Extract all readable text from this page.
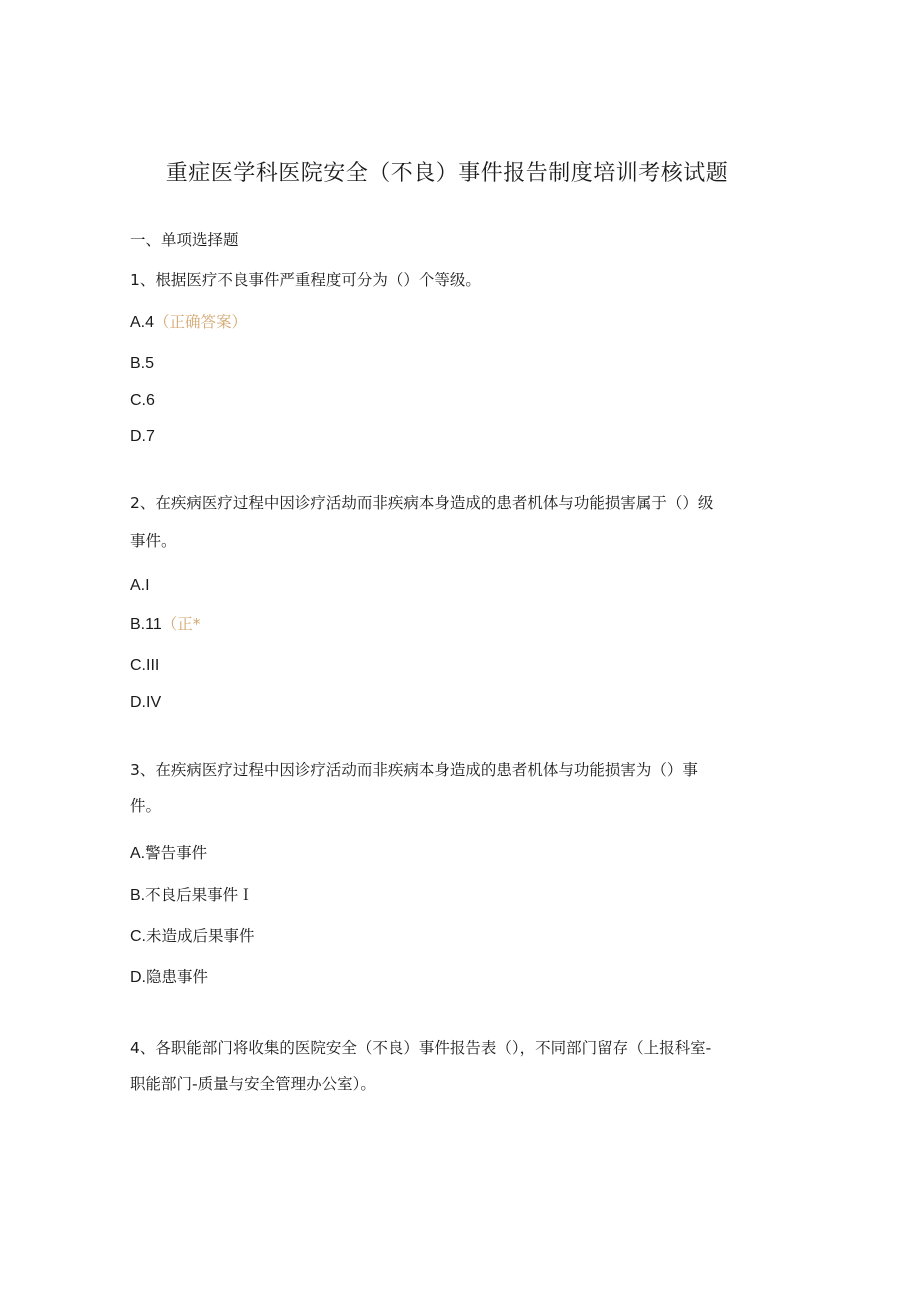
重症医学科医院安全（不良）事件报告制度培训考核试题
一、单项选择题
1、根据医疗不良事件严重程度可分为（）个等级。
A.4（正确答案）
B.5
C.6
D.7
2、在疾病医疗过程中因诊疗活劫而非疾病本身造成的患者机体与功能损害属于（）级
事件。
A.I
B.11（正*
C.III
D.IV
3、在疾病医疗过程中因诊疗活动而非疾病本身造成的患者机体与功能损害为（）事
件。
A.警告事件
B.不良后果事件Ｉ
C.未造成后果事件
D.隐患事件
4、各职能部门将收集的医院安全（不良）事件报告表（），不同部门留存（上报科室-
职能部门-质量与安全管理办公室）。
